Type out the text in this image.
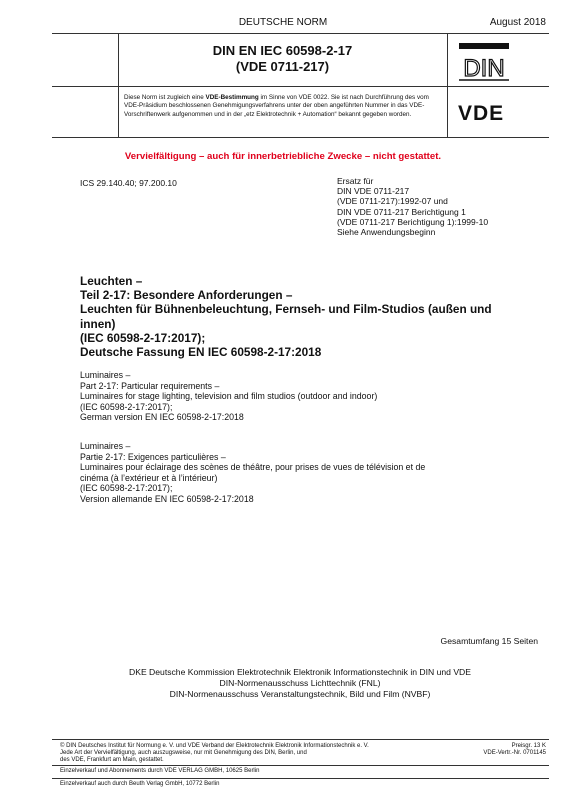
DEUTSCHE NORM	August 2018
DIN EN IEC 60598-2-17
(VDE 0711-217)	DIN
Diese Norm ist zugleich eine VDE-Bestimmung im Sinne von VDE 0022. Sie ist nach Durchführung des vom VDE-Präsidium beschlossenen Genehmigungsverfahrens unter der oben angeführten Nummer in das VDE-Vorschriftenwerk aufgenommen und in der „etz Elektrotechnik + Automation“ bekannt gegeben worden.	VDE
Vervielfältigung – auch für innerbetriebliche Zwecke – nicht gestattet.
ICS 29.140.40; 97.200.10	Ersatz für
DIN VDE 0711-217
(VDE 0711-217):1992-07 und
DIN VDE 0711-217 Berichtigung 1
(VDE 0711-217 Berichtigung 1):1999-10
Siehe Anwendungsbeginn
Leuchten –
Teil 2-17: Besondere Anforderungen –
Leuchten für Bühnenbeleuchtung, Fernseh- und Film-Studios (außen und
innen)
(IEC 60598-2-17:2017);
Deutsche Fassung EN IEC 60598-2-17:2018
Luminaires –
Part 2-17: Particular requirements –
Luminaires for stage lighting, television and film studios (outdoor and indoor)
(IEC 60598-2-17:2017);
German version EN IEC 60598-2-17:2018
Luminaires –
Partie 2-17: Exigences particulières –
Luminaires pour éclairage des scènes de théâtre, pour prises de vues de télévision et de
cinéma (à l’extérieur et à l’intérieur)
(IEC 60598-2-17:2017);
Version allemande EN IEC 60598-2-17:2018
Gesamtumfang 15 Seiten
DKE Deutsche Kommission Elektrotechnik Elektronik Informationstechnik in DIN und VDE
DIN-Normenausschuss Lichttechnik (FNL)
DIN-Normenausschuss Veranstaltungstechnik, Bild und Film (NVBF)
© DIN Deutsches Institut für Normung e. V. und VDE Verband der Elektrotechnik Elektronik Informationstechnik e. V.
Jede Art der Vervielfältigung, auch auszugsweise, nur mit Genehmigung des DIN, Berlin, und
des VDE, Frankfurt am Main, gestattet.
Preisgr. 13 K
VDE-Vertr.-Nr. 0701145
Einzelverkauf und Abonnements durch VDE VERLAG GMBH, 10625 Berlin
Einzelverkauf auch durch Beuth Verlag GmbH, 10772 Berlin
